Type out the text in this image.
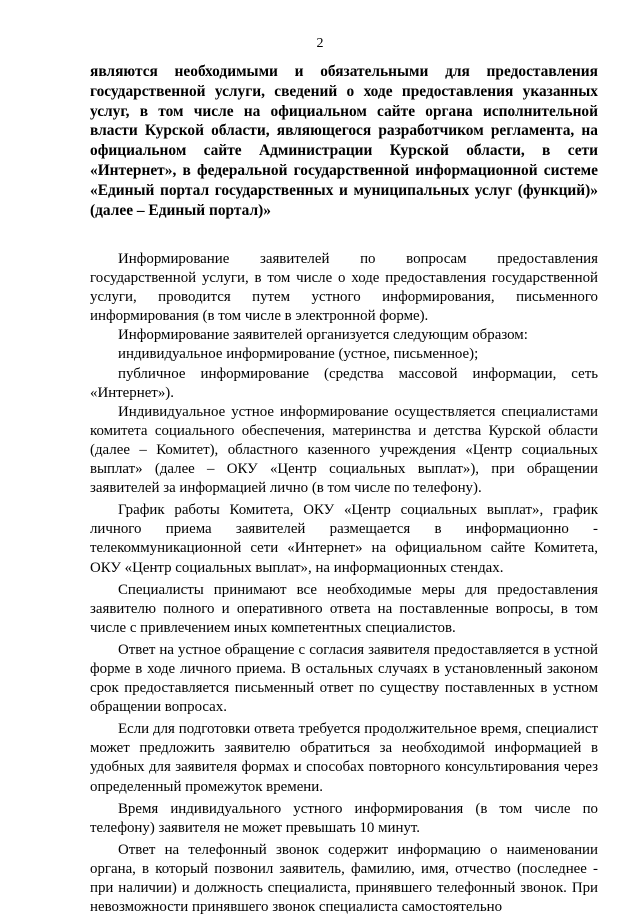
2
являются необходимыми и обязательными для предоставления государственной услуги, сведений о ходе предоставления указанных услуг, в том числе на официальном сайте органа исполнительной власти Курской области, являющегося разработчиком регламента, на официальном сайте Администрации Курской области, в сети «Интернет», в федеральной государственной информационной системе «Единый портал государственных и муниципальных услуг (функций)» (далее – Единый портал)»

Информирование заявителей по вопросам предоставления государственной услуги, в том числе о ходе предоставления государственной услуги, проводится путем устного информирования, письменного информирования (в том числе в электронной форме).

Информирование заявителей организуется следующим образом:

индивидуальное информирование (устное, письменное);

публичное информирование (средства массовой информации, сеть «Интернет»).

Индивидуальное устное информирование осуществляется специалистами комитета социального обеспечения, материнства и детства Курской области (далее – Комитет), областного казенного учреждения «Центр социальных выплат» (далее – ОКУ «Центр социальных выплат»), при обращении заявителей за информацией лично (в том числе по телефону).

График работы Комитета, ОКУ «Центр социальных выплат», график личного приема заявителей размещается в информационно - телекоммуникационной сети «Интернет» на официальном сайте Комитета, ОКУ «Центр социальных выплат», на информационных стендах.

Специалисты принимают все необходимые меры для предоставления заявителю полного и оперативного ответа на поставленные вопросы, в том числе с привлечением иных компетентных специалистов.

Ответ на устное обращение с согласия заявителя предоставляется в устной форме в ходе личного приема. В остальных случаях в установленный законом срок предоставляется письменный ответ по существу поставленных в устном обращении вопросах.

Если для подготовки ответа требуется продолжительное время, специалист может предложить заявителю обратиться за необходимой информацией в удобных для заявителя формах и способах повторного консультирования через определенный промежуток времени.

Время индивидуального устного информирования (в том числе по телефону) заявителя не может превышать 10 минут.

Ответ на телефонный звонок содержит информацию о наименовании органа, в который позвонил заявитель, фамилию, имя, отчество (последнее - при наличии) и должность специалиста, принявшего телефонный звонок. При невозможности принявшего звонок специалиста самостоятельно
